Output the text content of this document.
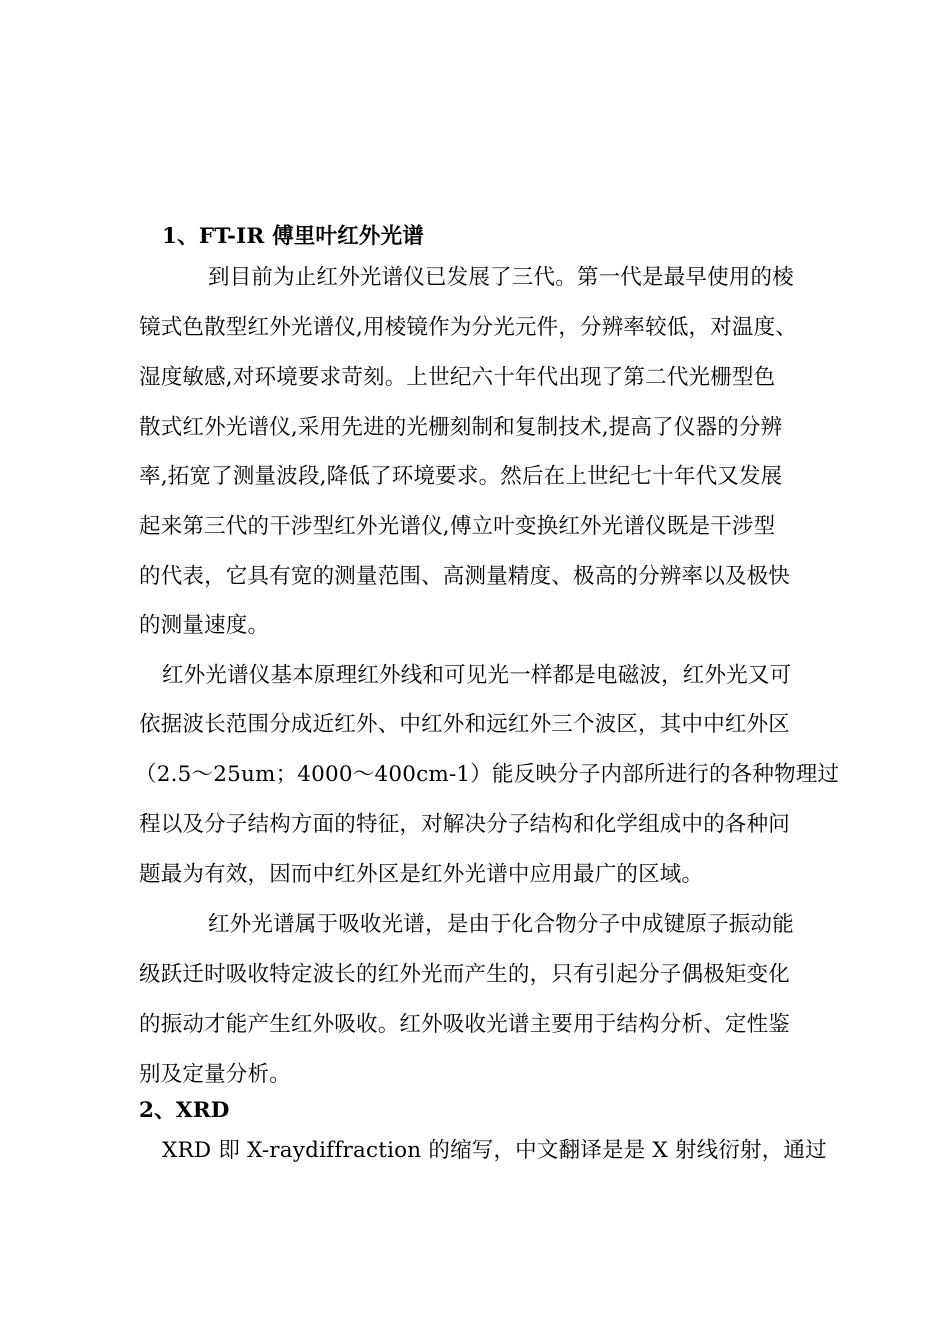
1、FT-IR 傅里叶红外光谱
到目前为止红外光谱仪已发展了三代。第一代是最早使用的棱
镜式色散型红外光谱仪,用棱镜作为分光元件，分辨率较低，对温度、
湿度敏感,对环境要求苛刻。上世纪六十年代出现了第二代光栅型色
散式红外光谱仪,采用先进的光栅刻制和复制技术,提高了仪器的分辨
率,拓宽了测量波段,降低了环境要求。然后在上世纪七十年代又发展
起来第三代的干涉型红外光谱仪,傅立叶变换红外光谱仪既是干涉型
的代表，它具有宽的测量范围、高测量精度、极高的分辨率以及极快
的测量速度。
红外光谱仪基本原理红外线和可见光一样都是电磁波，红外光又可
依据波长范围分成近红外、中红外和远红外三个波区，其中中红外区
（2.5～25um；4000～400cm-1）能反映分子内部所进行的各种物理过
程以及分子结构方面的特征，对解决分子结构和化学组成中的各种问
题最为有效，因而中红外区是红外光谱中应用最广的区域。
红外光谱属于吸收光谱，是由于化合物分子中成键原子振动能
级跃迁时吸收特定波长的红外光而产生的，只有引起分子偶极矩变化
的振动才能产生红外吸收。红外吸收光谱主要用于结构分析、定性鉴
别及定量分析。
2、XRD
XRD 即 X-raydiffraction 的缩写，中文翻译是是 X 射线衍射，通过
